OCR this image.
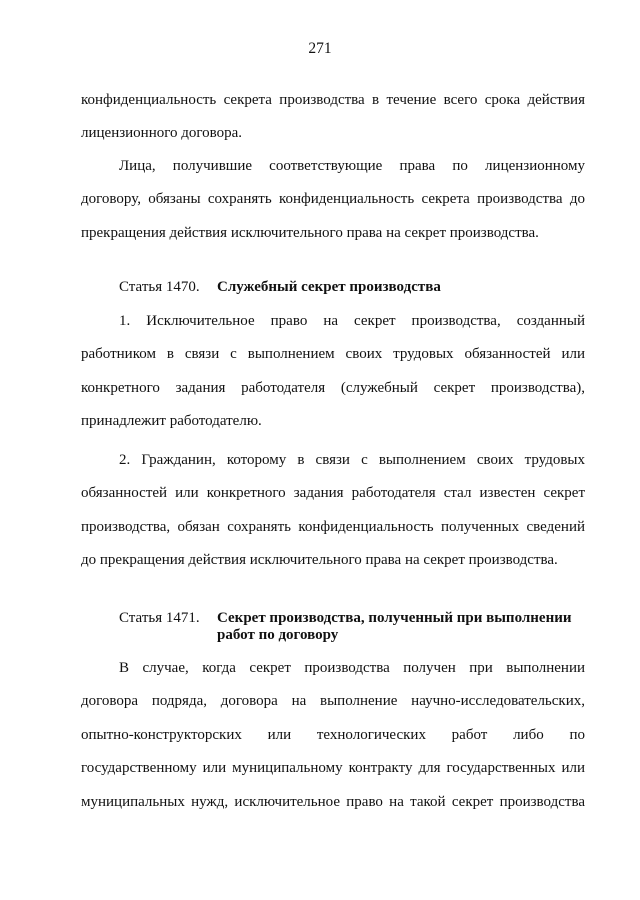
271
конфиденциальность секрета производства в течение всего срока действия
лицензионного договора.
Лица, получившие соответствующие права по лицензионному
договору, обязаны сохранять конфиденциальность секрета производства до
прекращения действия исключительного права на секрет производства.
Статья 1470. Служебный секрет производства
1. Исключительное право на секрет производства, созданный
работником в связи с выполнением своих трудовых обязанностей или
конкретного задания работодателя (служебный секрет производства),
принадлежит работодателю.
2. Гражданин, которому в связи с выполнением своих трудовых
обязанностей или конкретного задания работодателя стал известен секрет
производства, обязан сохранять конфиденциальность полученных сведений
до прекращения действия исключительного права на секрет производства.
Статья 1471. Секрет производства, полученный при выполнении
работ по договору
В случае, когда секрет производства получен при выполнении
договора подряда, договора на выполнение научно-исследовательских,
опытно-конструкторских или технологических работ либо по
государственному или муниципальному контракту для государственных или
муниципальных нужд, исключительное право на такой секрет производства
